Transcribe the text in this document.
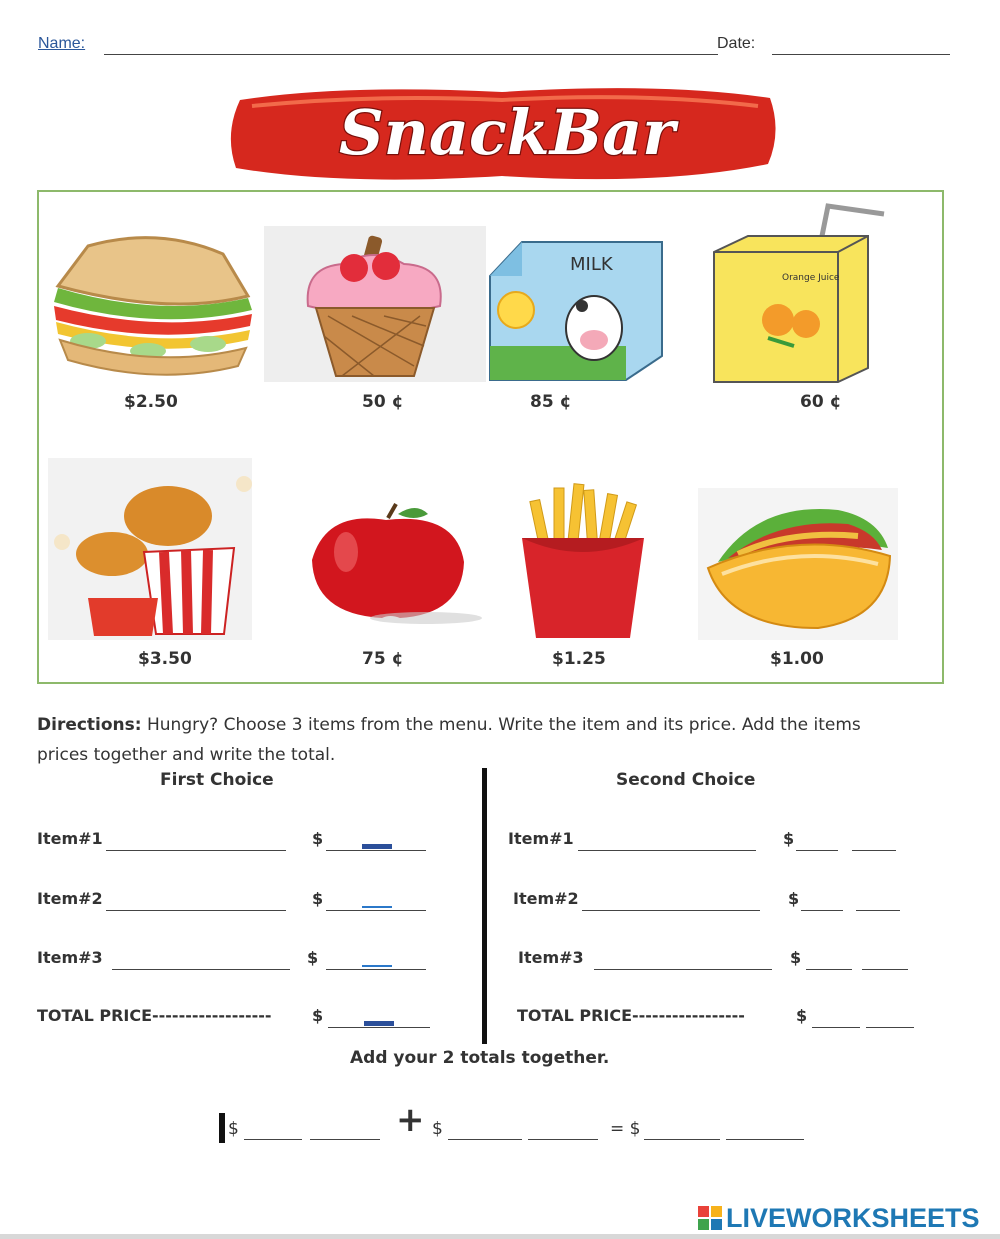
Name:	Date:
SnackBar
$2.50	50 ¢
MILK
85 ¢
Orange Juice
60 ¢
$3.50	75 ¢	$1.25	$1.00
Directions: Hungry? Choose 3 items from the menu. Write the item and its price. Add the items prices together and write the total.
First Choice	Second Choice
Item#1	$
Item#2	$
Item#3	$
TOTAL PRICE------------------	$
Item#1	$
Item#2	$
Item#3	$
TOTAL PRICE-----------------	$
Add your 2 totals together.
$	+ $	= $
LIVEWORKSHEETS
